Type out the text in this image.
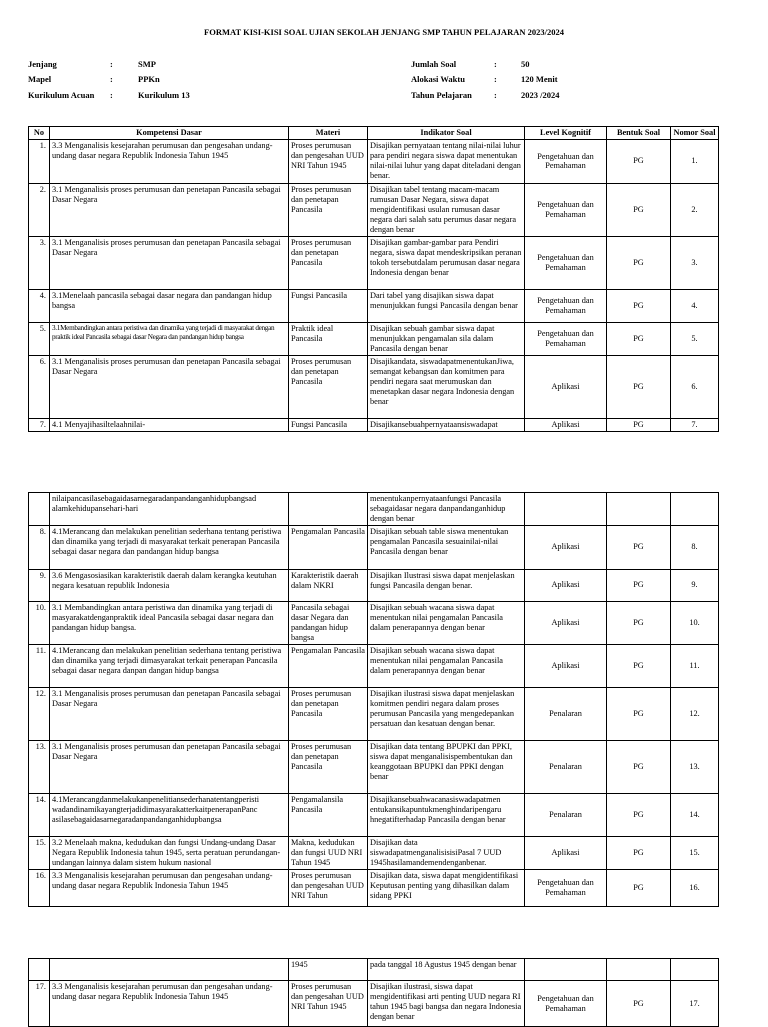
FORMAT KISI-KISI SOAL UJIAN SEKOLAH JENJANG SMP TAHUN PELAJARAN 2023/2024
Jenjang	:	SMP
Mapel	:	PPKn
Kurikulum Acuan :	Kurikulum 13
Jumlah Soal	:	50
Alokasi Waktu	:	120 Menit
Tahun Pelajaran	:	2023 /2024
No	Kompetensi Dasar	Materi	Indikator Soal	Level Kognitif	Bentuk Soal	Nomor Soal
1.	3.3 Menganalisis kesejarahan perumusan dan pengesahan undang-undang dasar negara Republik Indonesia Tahun 1945	Proses perumusan dan pengesahan UUD NRI Tahun 1945	Disajikan pernyataan tentang nilai-nilai luhur para pendiri negara siswa dapat menentukan nilai-nilai luhur yang dapat diteladani dengan benar.	Pengetahuan dan Pemahaman	PG	1.
2.	3.1 Menganalisis proses perumusan dan penetapan Pancasila sebagai Dasar Negara	Proses perumusan dan penetapan Pancasila	Disajikan tabel tentang macam-macam rumusan Dasar Negara, siswa dapat mengidentifikasi usulan rumusan dasar negara dari salah satu perumus dasar negara dengan benar	Pengetahuan dan Pemahaman	PG	2.
3.	3.1 Menganalisis proses perumusan dan penetapan Pancasila sebagai Dasar Negara	Proses perumusan dan penetapan Pancasila	Disajikan gambar-gambar para Pendiri negara, siswa dapat mendeskripsikan peranan tokoh tersebutdalam perumusan dasar negara Indonesia dengan benar	Pengetahuan dan Pemahaman	PG	3.
4.	3.1Menelaah pancasila sebagai dasar negara dan pandangan hidup bangsa	Fungsi Pancasila	Dari tabel yang disajikan siswa dapat menunjukkan fungsi Pancasila dengan benar	Pengetahuan dan Pemahaman	PG	4.
5.	3.1Membandingkan antara peristiwa dan dinamika yang terjadi di masyarakat dengan praktik ideal Pancasila sebagai dasar Negara dan pandangan hidup bangsa	Praktik ideal Pancasila	Disajikan sebuah gambar siswa dapat menunjukkan pengamalan sila dalam Pancasila dengan benar	Pengetahuan dan Pemahaman	PG	5.
6.	3.1 Menganalisis proses perumusan dan penetapan Pancasila sebagai Dasar Negara	Proses perumusan dan penetapan Pancasila	Disajikandata, siswadapatmenentukanJiwa, semangat kebangsan dan komitmen para pendiri negara saat merumuskan dan menetapkan dasar negara Indonesia dengan benar	Aplikasi	PG	6.
7.	4.1 Menyajihasiltelaahnilai-	Fungsi Pancasila	Disajikansebuahpernyataansiswadapat	Aplikasi	PG	7.
	nilaipancasilasebagaidasarnegaradanpandanganhidupbangsad alamkehidupansehari-hari		menentukanpernyataanfungsi Pancasila sebagaidasar negara danpandanganhidup dengan benar			
8.	4.1Merancang dan melakukan penelitian sederhana tentang peristiwa dan dinamika yang terjadi di masyarakat terkait penerapan Pancasila sebagai dasar negara dan pandangan hidup bangsa	Pengamalan Pancasila	Disajikan sebuah table siswa menentukan pengamalan Pancasila sesuainilai-nilai Pancasila dengan benar	Aplikasi	PG	8.
9.	3.6 Mengasosiasikan karakteristik daerah dalam kerangka keutuhan negara kesatuan republik Indonesia	Karakteristik daerah dalam NKRI	Disajikan Ilustrasi siswa dapat menjelaskan fungsi Pancasila dengan benar.	Aplikasi	PG	9.
10.	3.1 Membandingkan antara peristiwa dan dinamika yang terjadi di masyarakatdenganpraktik ideal Pancasila sebagai dasar negara dan pandangan hidup bangsa.	Pancasila sebagai dasar Negara dan pandangan hidup bangsa	Disajikan sebuah wacana siswa dapat menentukan nilai pengamalan Pancasila dalam penerapannya dengan benar	Aplikasi	PG	10.
11.	4.1Merancang dan melakukan penelitian sederhana tentang peristiwa dan dinamika yang terjadi dimasyarakat terkait penerapan Pancasila sebagai dasar negara danpan dangan hidup bangsa	Pengamalan Pancasila	Disajikan sebuah wacana siswa dapat menentukan nilai pengamalan Pancasila dalam penerapannya dengan benar	Aplikasi	PG	11.
12.	3.1 Menganalisis proses perumusan dan penetapan Pancasila sebagai Dasar Negara	Proses perumusan dan penetapan Pancasila	Disajikan ilustrasi siswa dapat menjelaskan komitmen pendiri negara dalam proses perumusan Pancasila yang mengedepankan persatuan dan kesatuan dengan benar.	Penalaran	PG	12.
13.	3.1 Menganalisis proses perumusan dan penetapan Pancasila sebagai Dasar Negara	Proses perumusan dan penetapan Pancasila	Disajikan data tentang BPUPKI dan PPKI, siswa dapat menganalisispembentukan dan keanggotaan BPUPKI dan PPKI dengan benar	Penalaran	PG	13.
14.	4.1Merancangdanmelakukanpenelitiansederhanatentangperisti wadandinamikayangterjadidimasyarakatterkaitpenerapanPanc asilasebagaidasarnegaradanpandanganhidupbangsa	Pengamalansila Pancasila	Disajikansebuahwacanasiswadapatmen entukansikapuntukmenghindaripengaru hnegatifterhadap Pancasila dengan benar	Penalaran	PG	14.
15.	3.2 Menelaah makna, kedudukan dan fungsi Undang-undang Dasar Negara Republik Indonesia tahun 1945, serta peratuan perundangan-undangan lainnya dalam sistem hukum nasional	Makna, kedudukan dan fungsi UUD NRI Tahun 1945	Disajikan data siswadapatmenganalisisisiPasal 7 UUD 1945hasilamandemendenganbenar.	Aplikasi	PG	15.
16.	3.3 Menganalisis kesejarahan perumusan dan pengesahan undang-undang dasar negara Republik Indonesia Tahun 1945	Proses perumusan dan pengesahan UUD NRI Tahun	Disajikan data, siswa dapat mengidentifikasi Keputusan penting yang dihasilkan dalam sidang PPKI	Pengetahuan dan Pemahaman	PG	16.
		1945	pada tanggal 18 Agustus 1945 dengan benar			
17.	3.3 Menganalisis kesejarahan perumusan dan pengesahan undang-undang dasar negara Republik Indonesia Tahun 1945	Proses perumusan dan pengesahan UUD NRI Tahun 1945	Disajikan ilustrasi, siswa dapat mengidentifikasi arti penting UUD negara RI tahun 1945 bagi bangsa dan negara Indonesia dengan benar	Pengetahuan dan Pemahaman	PG	17.
